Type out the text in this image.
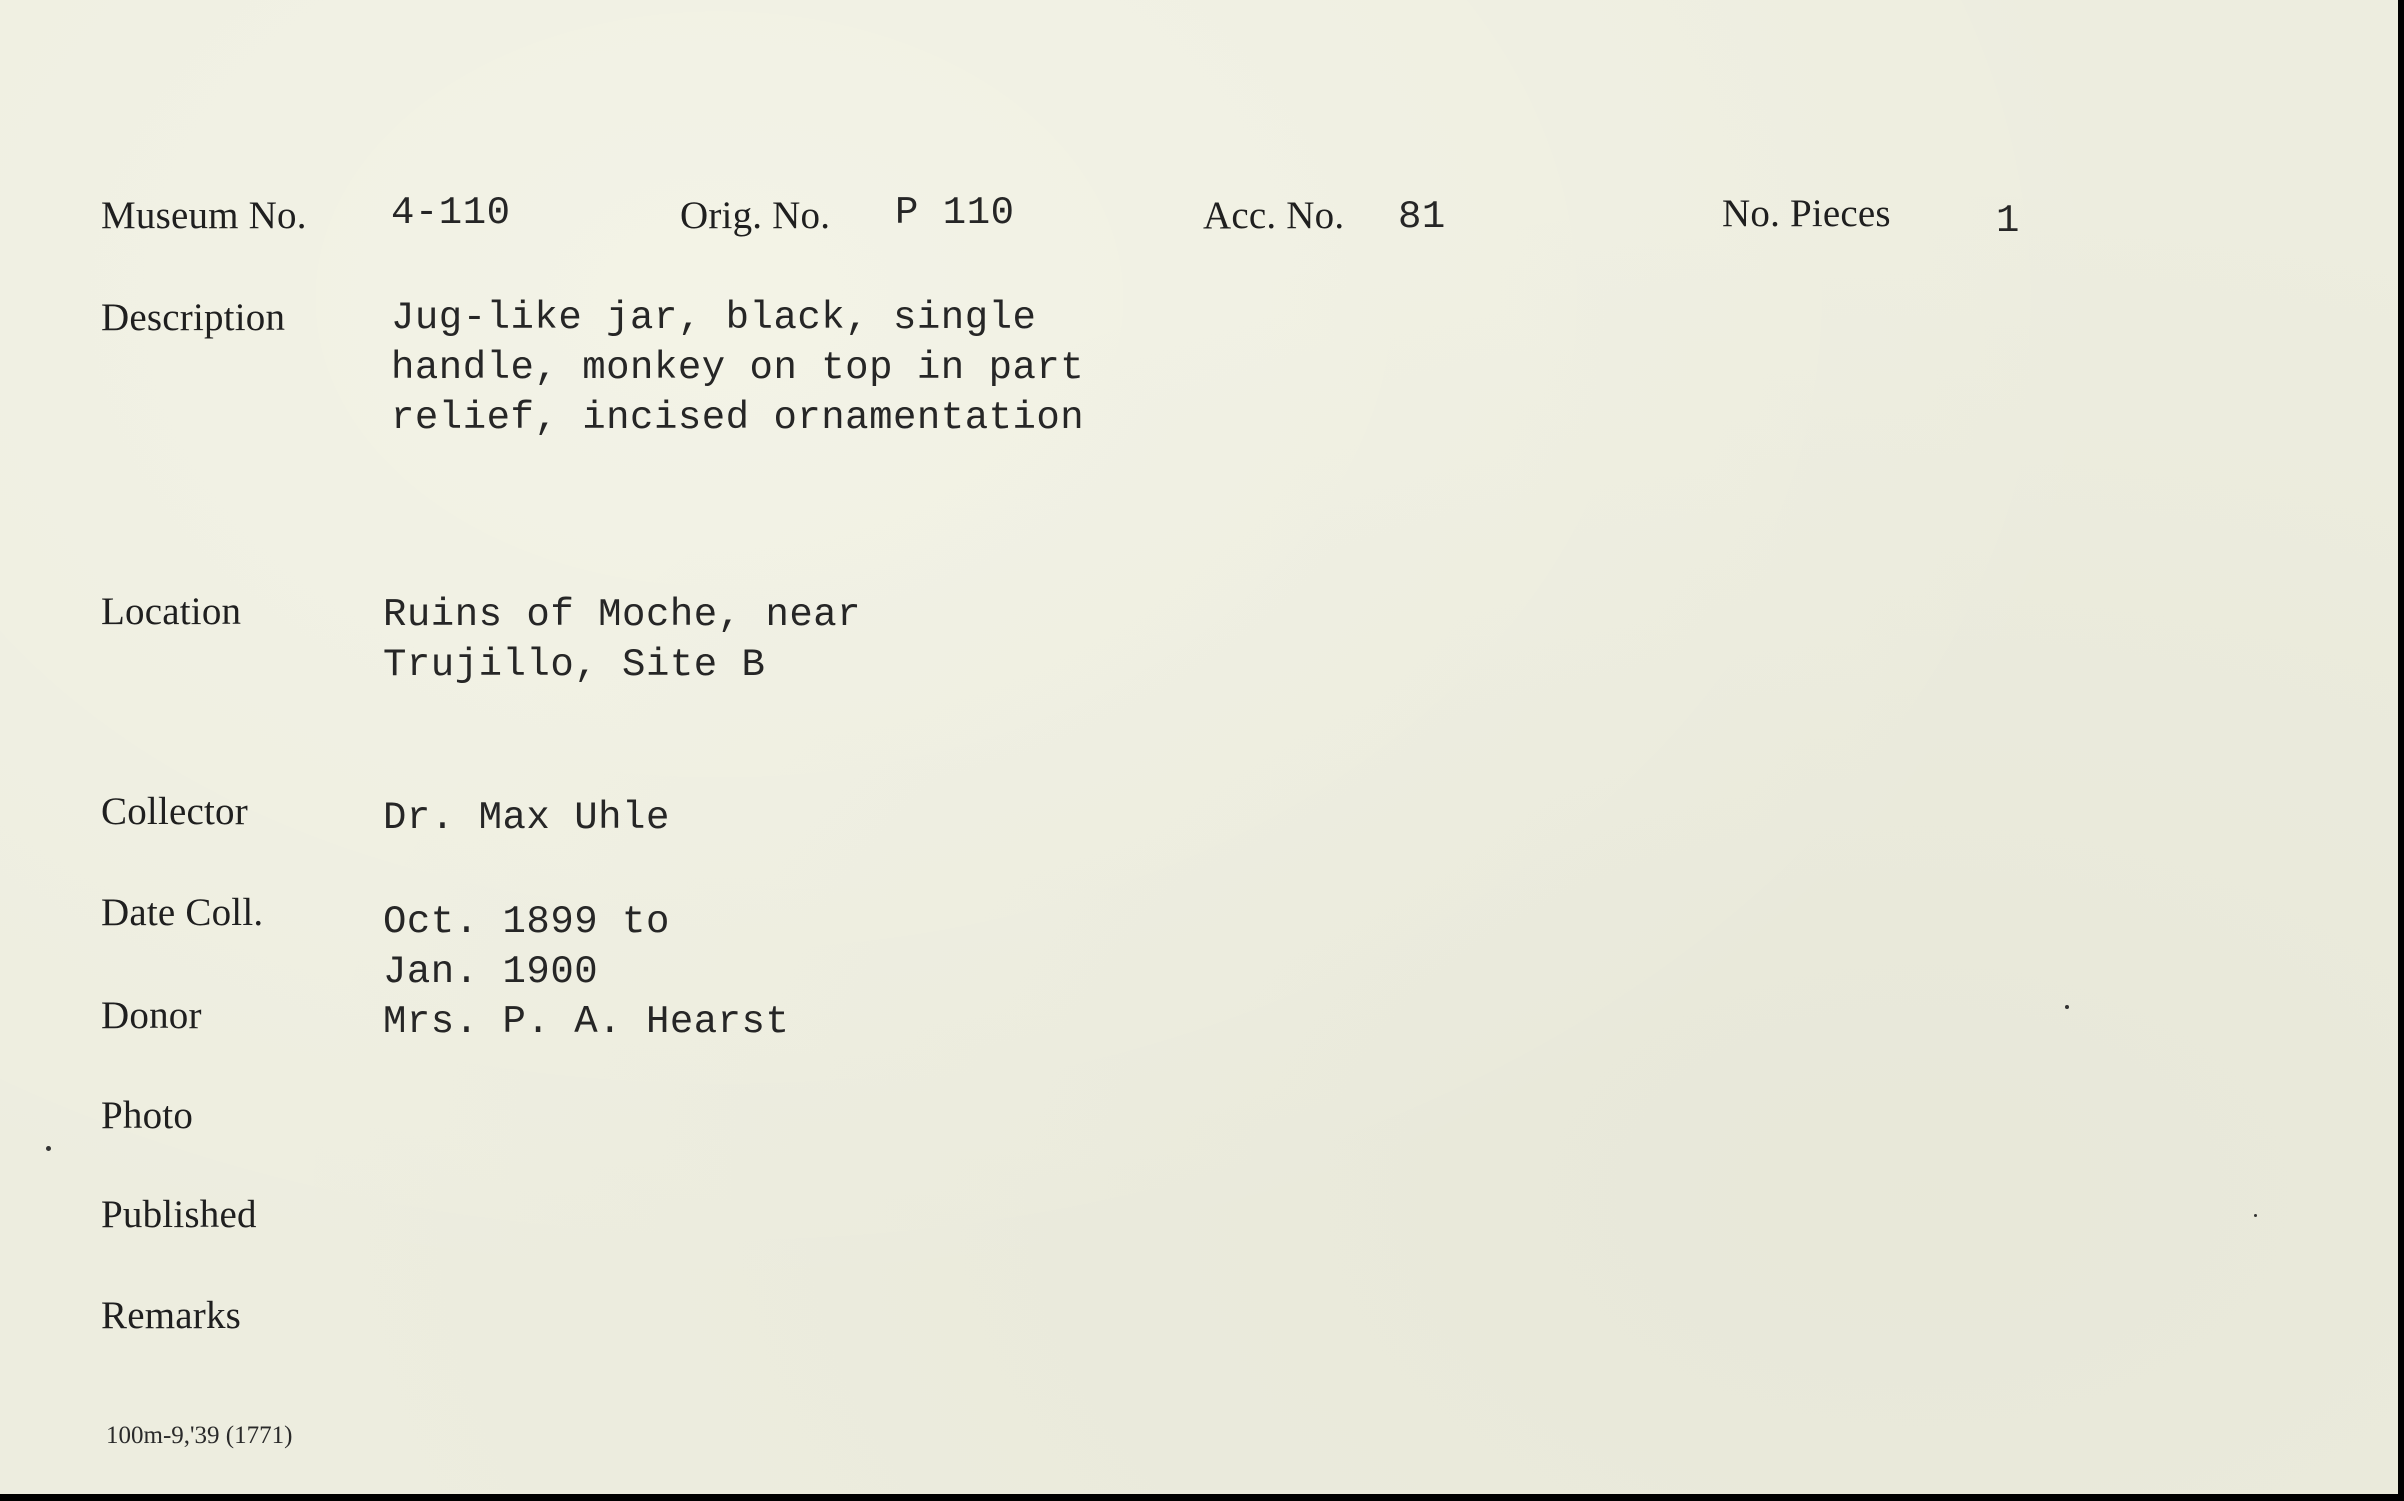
Museum No. 4-110	Orig. No. P 110	Acc. No. 81	No. Pieces	1
Description	Jug-like jar, black, single
handle, monkey on top in part
relief, incised ornamentation
Location	Ruins of Moche, near
Trujillo, Site B
Collector	Dr. Max Uhle
Date Coll.	Oct. 1899 to
Jan. 1900
Donor	Mrs. P. A. Hearst
Photo
Published
Remarks
100m-9,'39 (1771)
